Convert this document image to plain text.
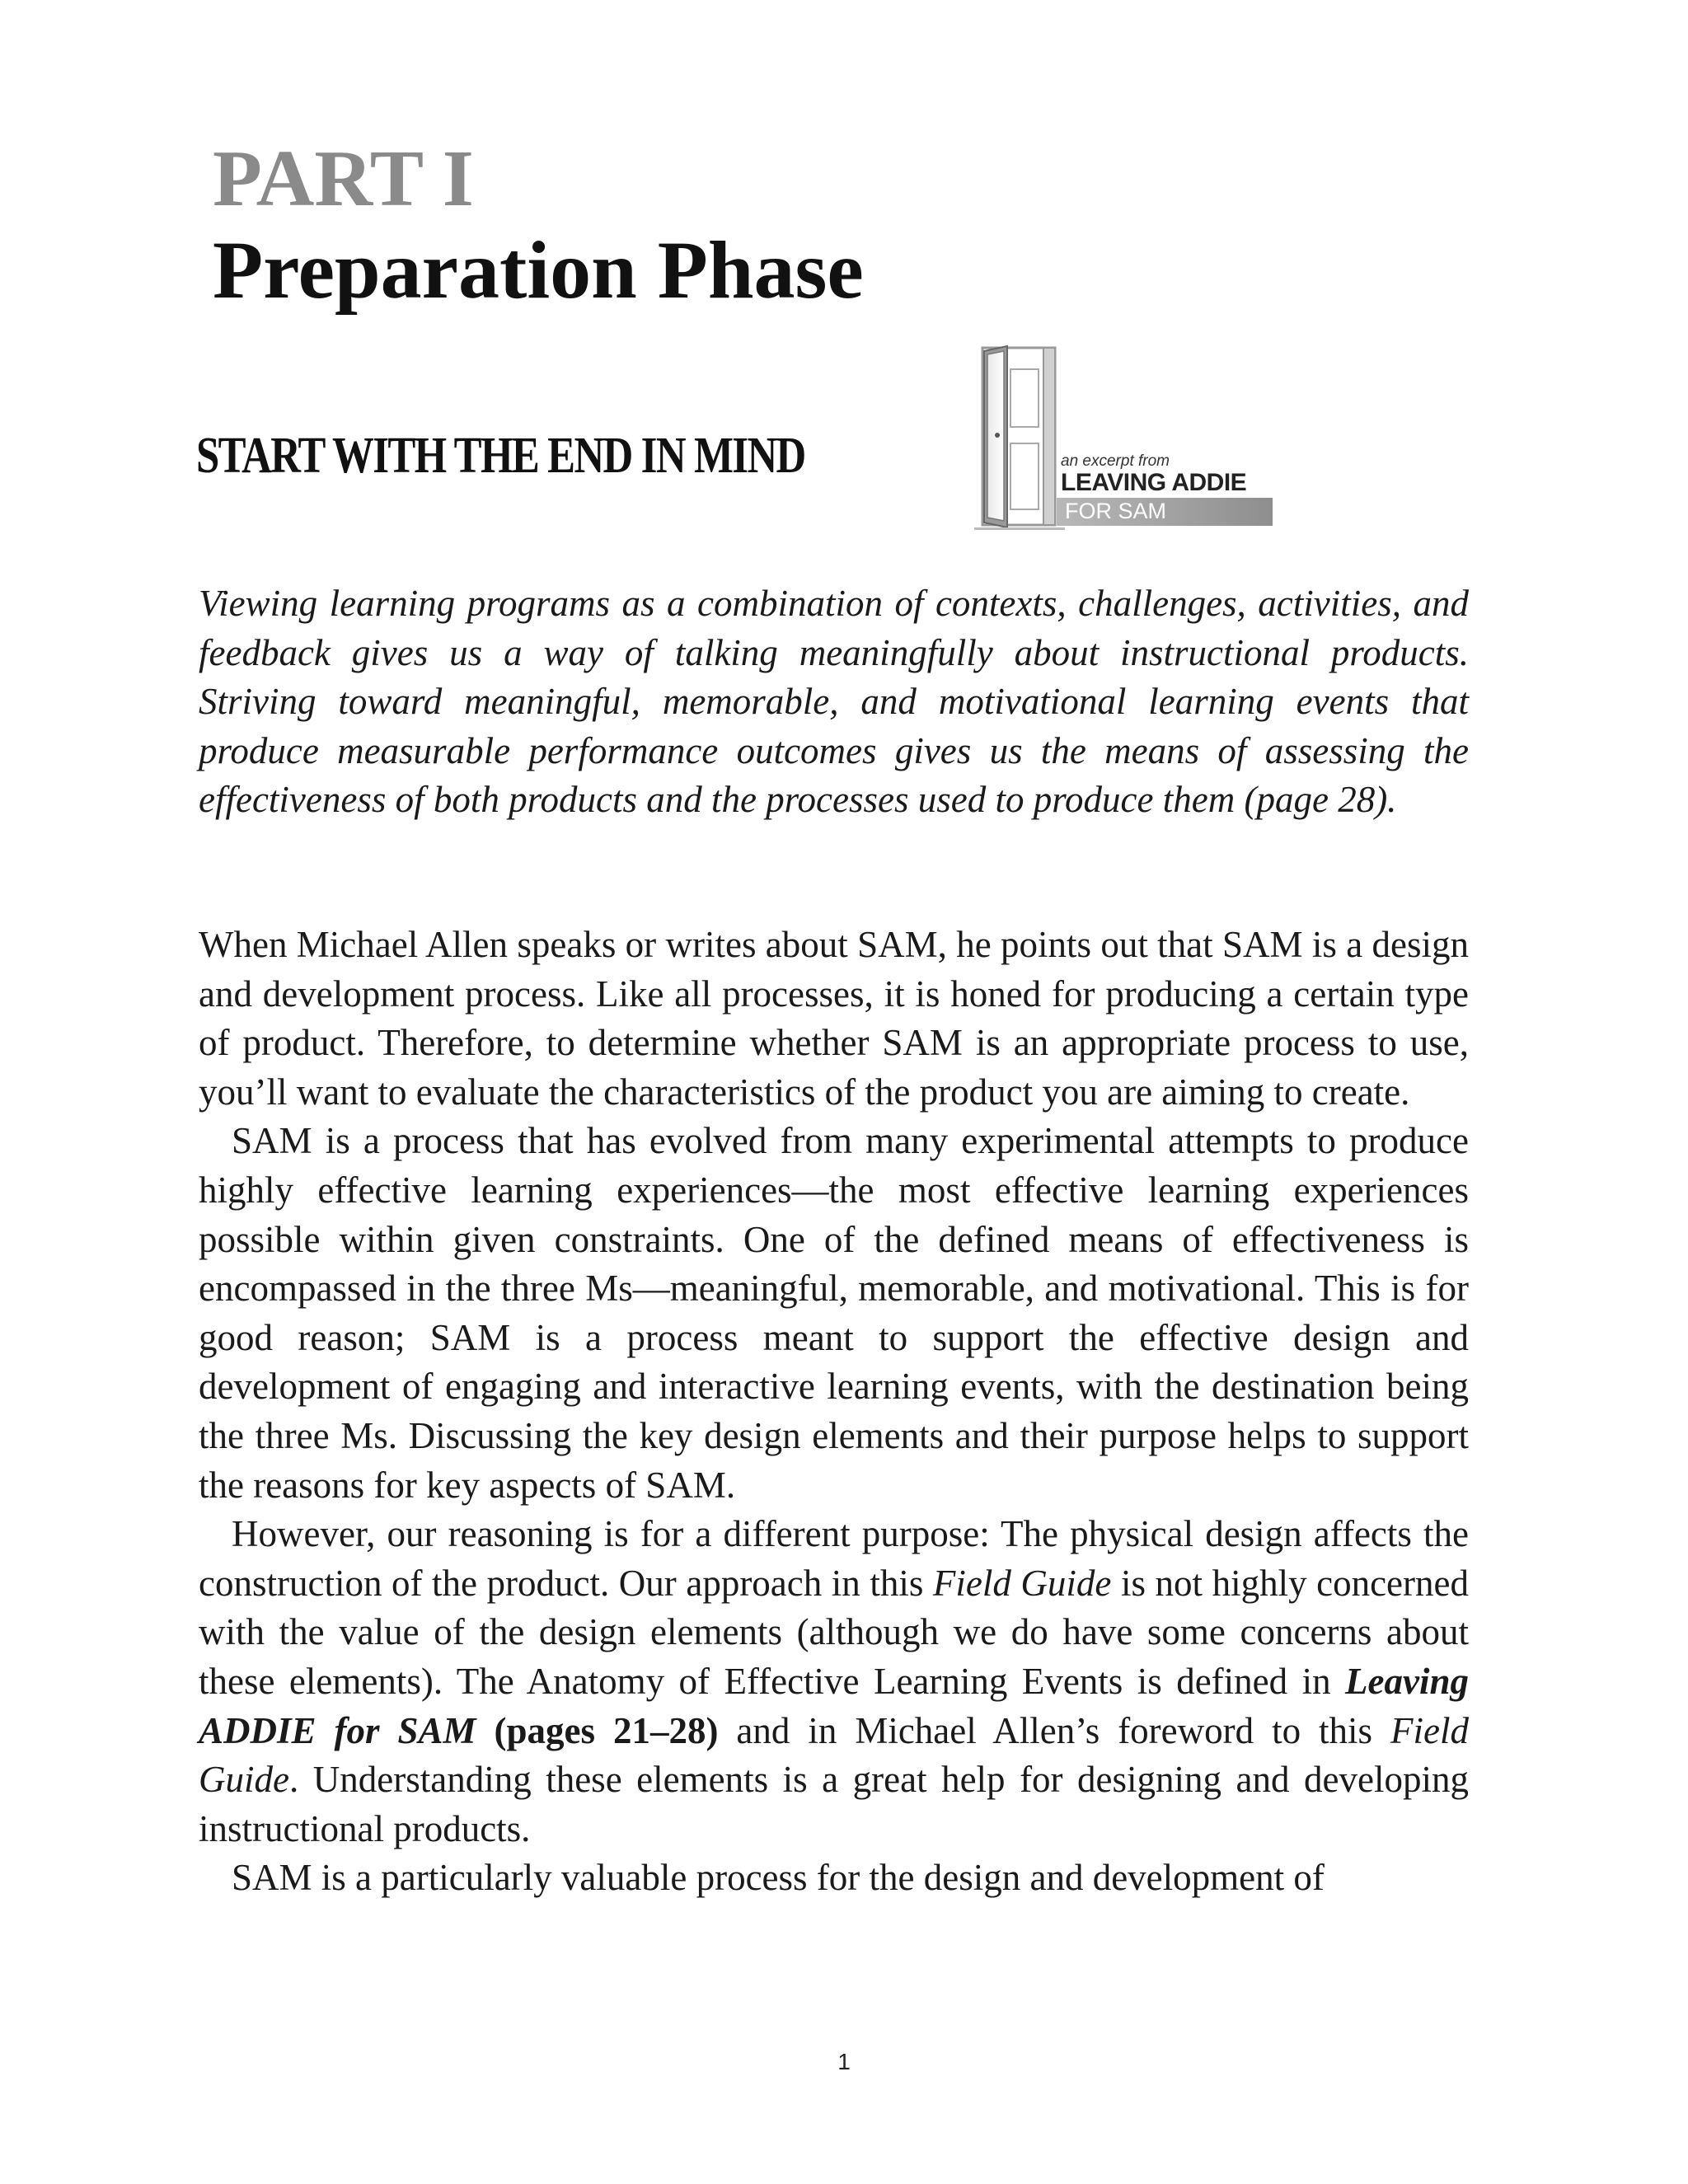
PART I
Preparation Phase
START WITH THE END IN MIND	an excerpt from
LEAVING ADDIE
FOR SAM

Viewing learning programs as a combination of contexts, challenges, activities, and feedback gives us a way of talking meaningfully about instructional products. Striving toward meaningful, memorable, and motivational learning events that produce measurable performance outcomes gives us the means of assessing the effectiveness of both products and the processes used to produce them (page 28).

When Michael Allen speaks or writes about SAM, he points out that SAM is a design and development process. Like all processes, it is honed for producing a certain type of product. Therefore, to determine whether SAM is an appropriate process to use, you’ll want to evaluate the characteristics of the product you are aiming to create.

SAM is a process that has evolved from many experimental attempts to produce highly effective learning experiences—the most effective learning experiences possible within given constraints. One of the defined means of effectiveness is encompassed in the three Ms—meaningful, memorable, and motivational. This is for good reason; SAM is a process meant to support the effective design and development of engaging and interactive learning events, with the destination being the three Ms. Discussing the key design elements and their purpose helps to support the reasons for key aspects of SAM.

However, our reasoning is for a different purpose: The physical design affects the construction of the product. Our approach in this Field Guide is not highly concerned with the value of the design elements (although we do have some concerns about these elements). The Anatomy of Effective Learning Events is defined in Leaving ADDIE for SAM (pages 21–28) and in Michael Allen’s foreword to this Field Guide. Understanding these elements is a great help for designing and developing instructional products.

SAM is a particularly valuable process for the design and development of

1
